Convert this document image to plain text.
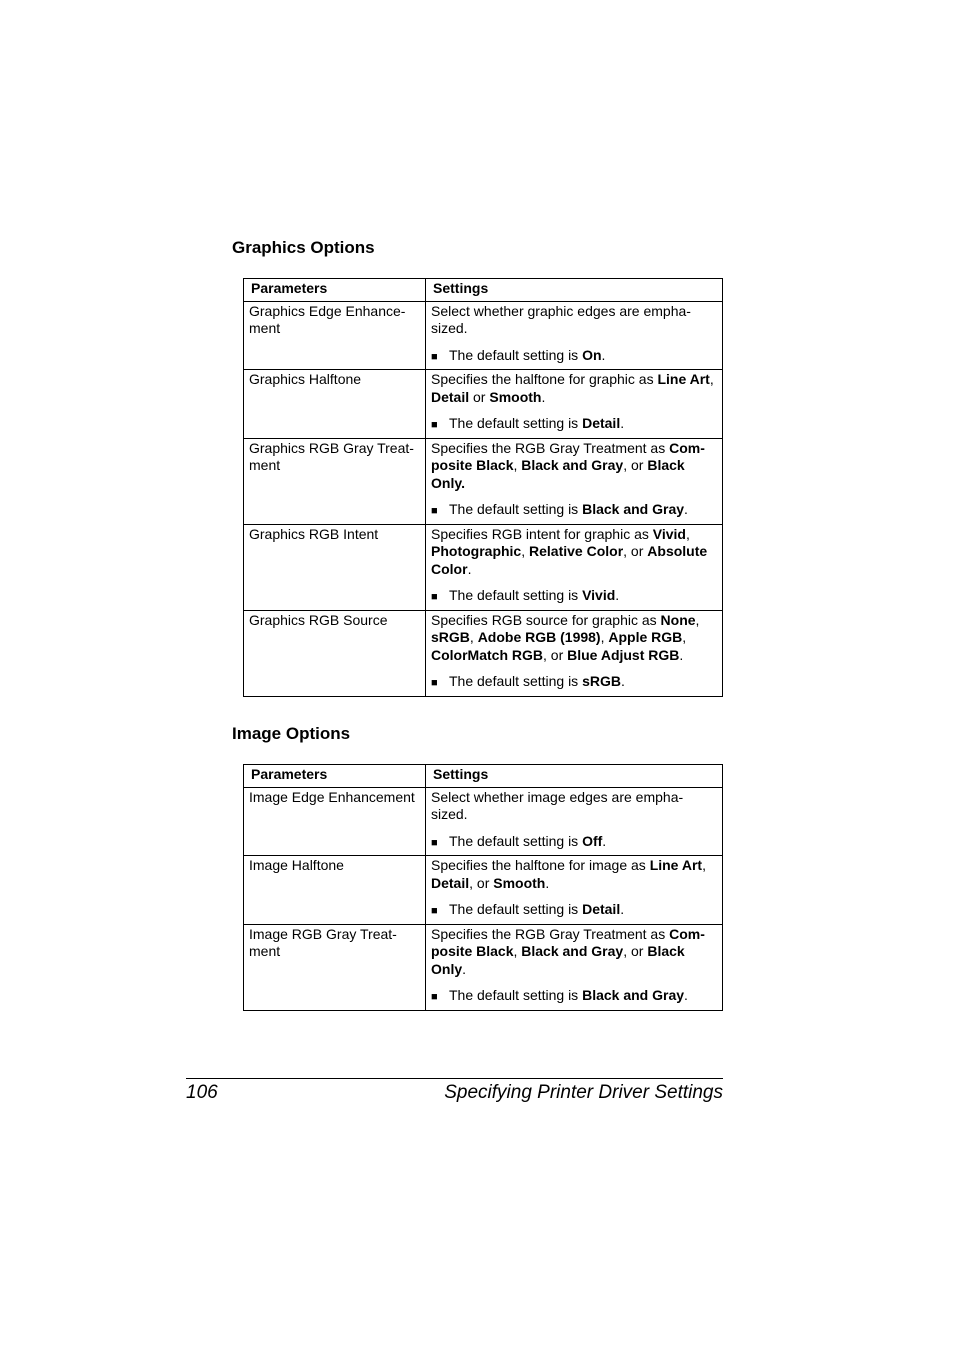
Graphics Options
Parameters	Settings
Graphics Edge Enhance-ment	Select whether graphic edges are empha-sized.

■ The default setting is On.

Graphics Halftone	Specifies the halftone for graphic as Line Art, Detail or Smooth.

■ The default setting is Detail.

Graphics RGB Gray Treat-ment	Specifies the RGB Gray Treatment as Com-posite Black, Black and Gray, or Black Only.

■ The default setting is Black and Gray.

Graphics RGB Intent	Specifies RGB intent for graphic as Vivid, Photographic, Relative Color, or Absolute Color.

■ The default setting is Vivid.

Graphics RGB Source	Specifies RGB source for graphic as None, sRGB, Adobe RGB (1998), Apple RGB, ColorMatch RGB, or Blue Adjust RGB.

■ The default setting is sRGB.

Image Options
Parameters	Settings
Image Edge Enhancement	Select whether image edges are empha-sized.

■ The default setting is Off.

Image Halftone	Specifies the halftone for image as Line Art, Detail, or Smooth.

■ The default setting is Detail.

Image RGB Gray Treat-ment	Specifies the RGB Gray Treatment as Com-posite Black, Black and Gray, or Black Only.

■ The default setting is Black and Gray.

106	Specifying Printer Driver Settings
